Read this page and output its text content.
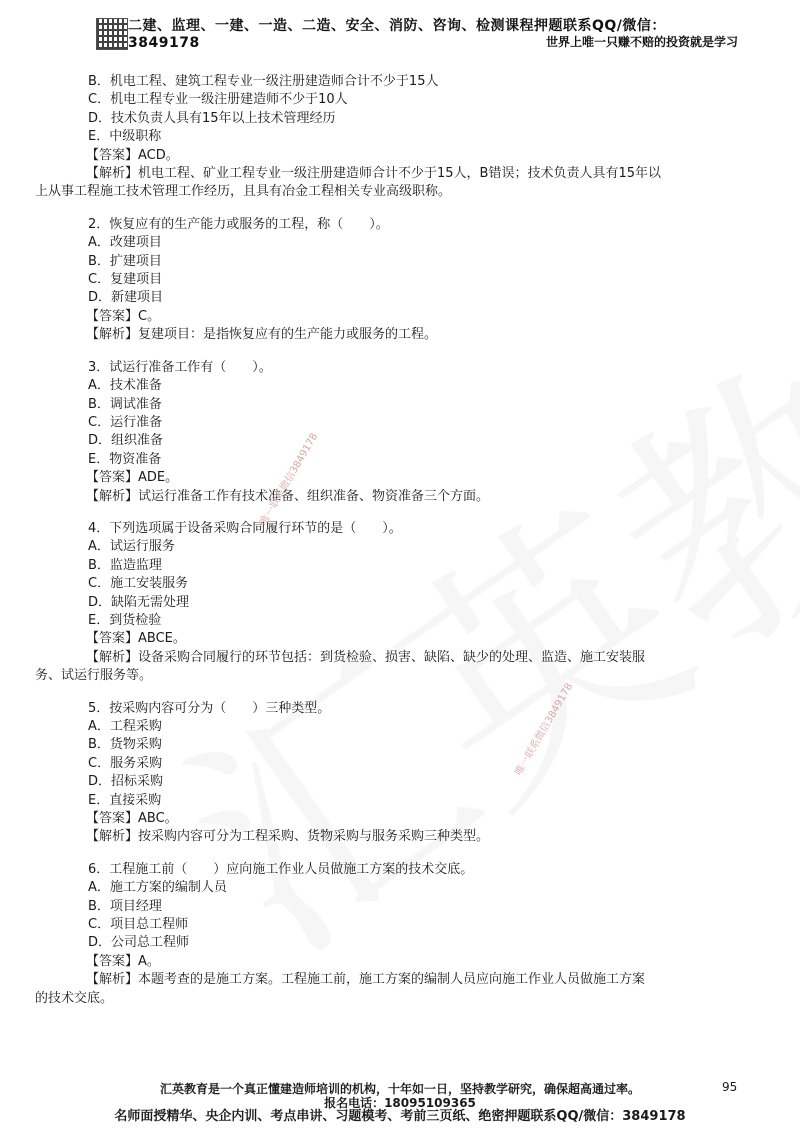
二建、监理、一建、一造、二造、安全、消防、咨询、检测课程押题联系QQ/微信：3849178	世界上唯一只赚不赔的投资就是学习
B．机电工程、建筑工程专业一级注册建造师合计不少于15人
C．机电工程专业一级注册建造师不少于10人
D．技术负责人具有15年以上技术管理经历
E．中级职称
【答案】ACD。
【解析】机电工程、矿业工程专业一级注册建造师合计不少于15人，B错误；技术负责人具有15年以
上从事工程施工技术管理工作经历，且具有冶金工程相关专业高级职称。
2．恢复应有的生产能力或服务的工程，称（　　）。
A．改建项目
B．扩建项目
C．复建项目
D．新建项目
【答案】C。
【解析】复建项目：是指恢复应有的生产能力或服务的工程。
3．试运行准备工作有（　　）。
A．技术准备
B．调试准备
C．运行准备
D．组织准备
E．物资准备
【答案】ADE。
【解析】试运行准备工作有技术准备、组织准备、物资准备三个方面。
4．下列选项属于设备采购合同履行环节的是（　　）。
A．试运行服务
B．监造监理
C．施工安装服务
D．缺陷无需处理
E．到货检验
【答案】ABCE。
【解析】设备采购合同履行的环节包括：到货检验、损害、缺陷、缺少的处理、监造、施工安装服
务、试运行服务等。
5．按采购内容可分为（　　）三种类型。
A．工程采购
B．货物采购
C．服务采购
D．招标采购
E．直接采购
【答案】ABC。
【解析】按采购内容可分为工程采购、货物采购与服务采购三种类型。
6．工程施工前（　　）应向施工作业人员做施工方案的技术交底。
A．施工方案的编制人员
B．项目经理
C．项目总工程师
D．公司总工程师
【答案】A。
【解析】本题考查的是施工方案。工程施工前，施工方案的编制人员应向施工作业人员做施工方案
的技术交底。
唯一联系微信3849178
唯一联系微信3849178
汇英教育是一个真正懂建造师培训的机构，十年如一日，坚持教学研究，确保超高通过率。	95
报名电话：18095109365
名师面授精华、央企内训、考点串讲、习题模考、考前三页纸、绝密押题联系QQ/微信：3849178
